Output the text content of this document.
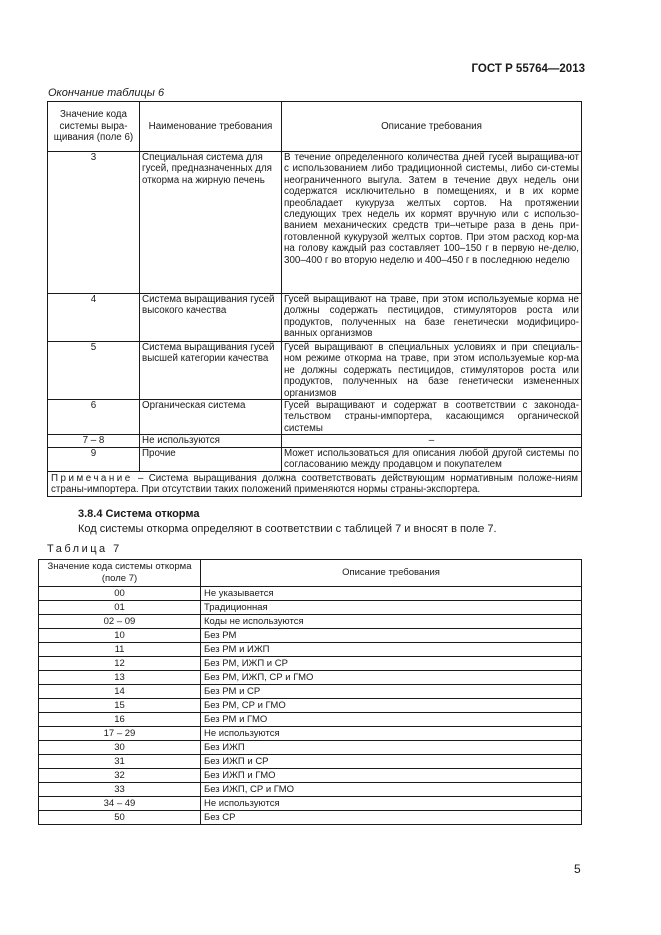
ГОСТ Р 55764—2013
Окончание таблицы 6
Значение кода системы выра-щивания (поле 6)	Наименование требования	Описание требования
3	Специальная система для гусей, предназначенных для откорма на жирную печень	В течение определенного количества дней гусей выращива-ют с использованием либо традиционной системы, либо си-стемы неограниченного выгула. Затем в течение двух недель они содержатся исключительно в помещениях, и в их корме преобладает кукуруза желтых сортов. На протяжении следующих трех недель их кормят вручную или с использо-ванием механических средств три–четыре раза в день при-готовленной кукурузой желтых сортов. При этом расход кор-ма на голову каждый раз составляет 100–150 г в первую не-делю, 300–400 г во вторую неделю и 400–450 г в последнюю неделю
4	Система выращивания гусей высокого качества	Гусей выращивают на траве, при этом используемые корма не должны содержать пестицидов, стимуляторов роста или продуктов, полученных на базе генетически модифициро-ванных организмов
5	Система выращивания гусей высшей категории качества	Гусей выращивают в специальных условиях и при специаль-ном режиме откорма на траве, при этом используемые кор-ма не должны содержать пестицидов, стимуляторов роста или продуктов, полученных на базе генетически измененных организмов
6	Органическая система	Гусей выращивают и содержат в соответствии с законода-тельством страны-импортера, касающимся органической системы
7 – 8	Не используются	–
9	Прочие	Может использоваться для описания любой другой системы по согласованию между продавцом и покупателем
Примечание – Система выращивания должна соответствовать действующим нормативным положе-ниям страны-импортера. При отсутствии таких положений применяются нормы страны-экспортера.		
3.8.4 Система откорма
Код системы откорма определяют в соответствии с таблицей 7 и вносят в поле 7.
Таблица 7
Значение кода системы откорма (поле 7)	Описание требования
00	Не указывается
01	Традиционная
02 – 09	Коды не используются
10	Без РМ
11	Без РМ и ИЖП
12	Без РМ, ИЖП и СР
13	Без РМ, ИЖП, СР и ГМО
14	Без РМ и СР
15	Без РМ, СР и ГМО
16	Без РМ и ГМО
17 – 29	Не используются
30	Без ИЖП
31	Без ИЖП и СР
32	Без ИЖП и ГМО
33	Без ИЖП, СР и ГМО
34 – 49	Не используются
50	Без СР
5
